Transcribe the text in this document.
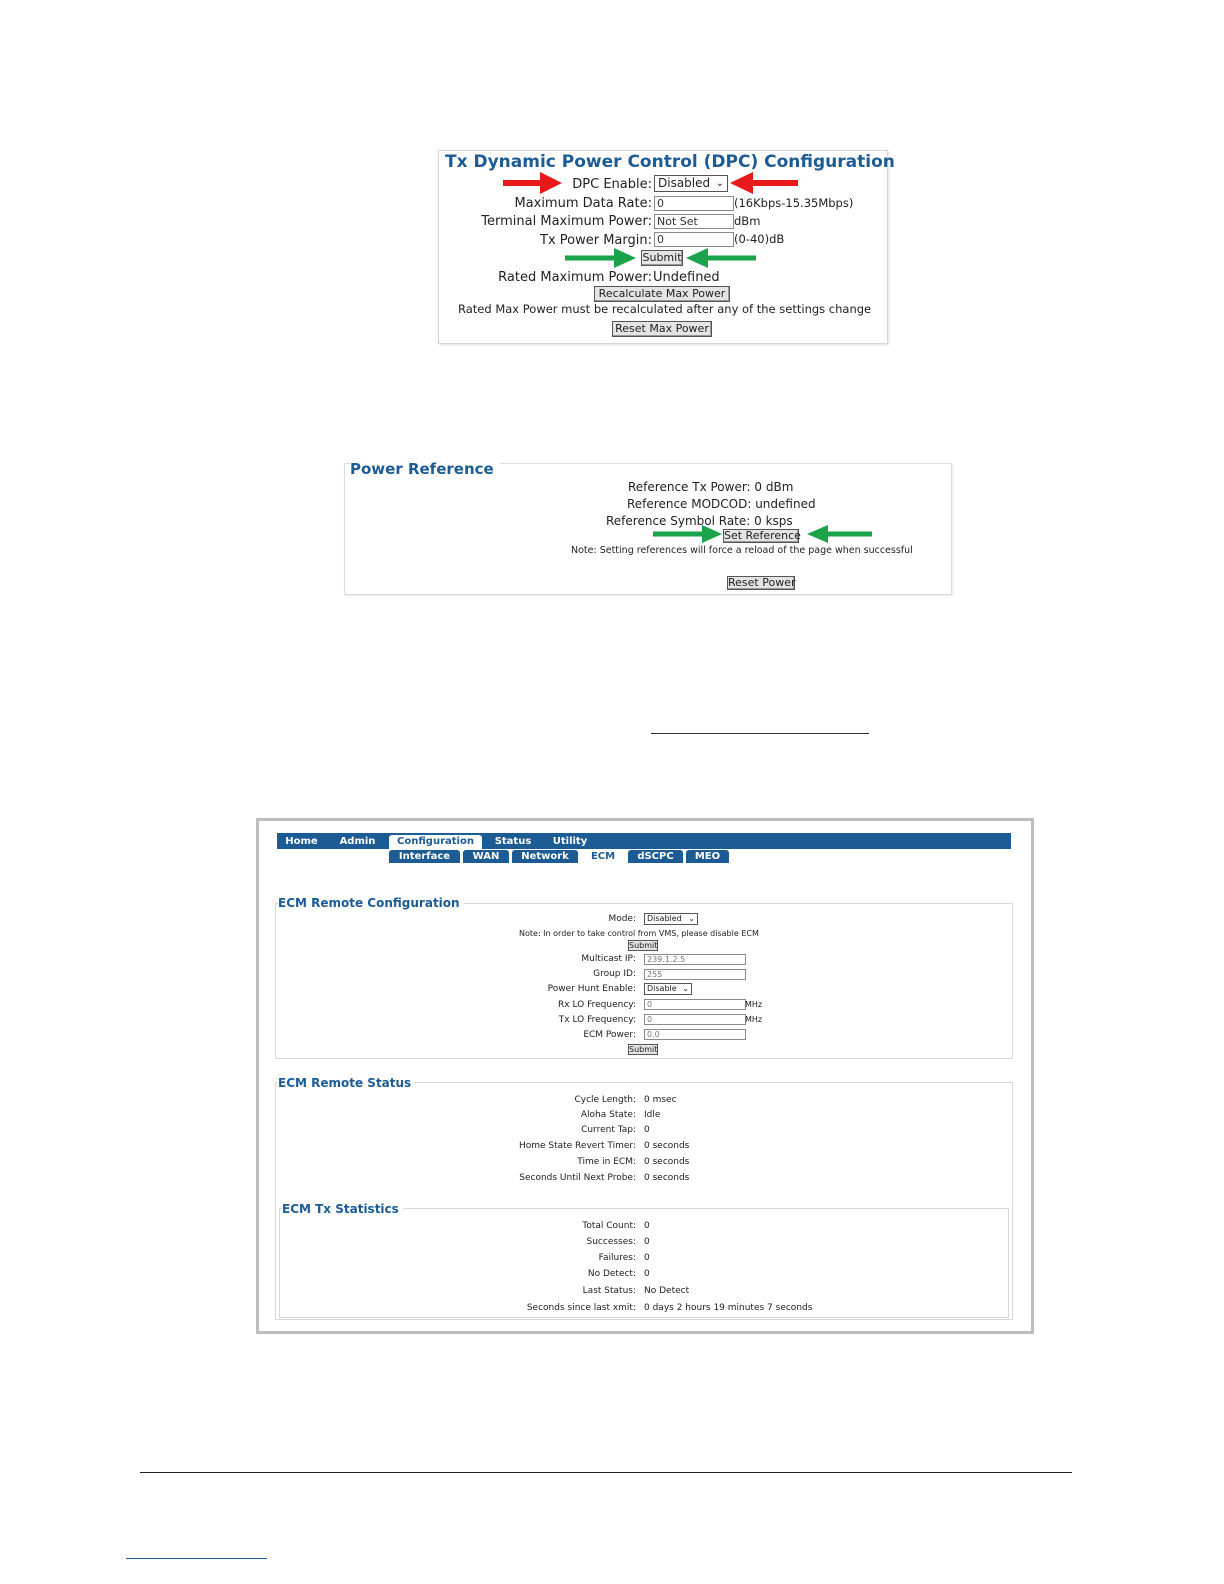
Tx Dynamic Power Control (DPC) Configuration
DPC Enable: Disabled ⌄
Maximum Data Rate: 0	(16Kbps-15.35Mbps)
Terminal Maximum Power: Not Set	dBm
Tx Power Margin: 0	(0-40)dB
Submit
Rated Maximum Power: Undefined
Recalculate Max Power
Rated Max Power must be recalculated after any of the settings change
Reset Max Power
Power Reference
Reference Tx Power: 0 dBm
Reference MODCOD: undefined
Reference Symbol Rate: 0 ksps
Set Reference
Note: Setting references will force a reload of the page when successful
Reset Power
Home	Admin	Configuration	Status	Utility
Interface	WAN	Network	ECM	dSCPC	MEO
ECM Remote Configuration
Mode:	Disabled ⌄
Note: In order to take control from VMS, please disable ECM
Submit
Multicast IP:	239.1.2.5
Group ID:	255
Power Hunt Enable:	Disable ⌄
Rx LO Frequency:	0	MHz
Tx LO Frequency:	0	MHz
ECM Power:	0.0
Submit
ECM Remote Status
Cycle Length: 0 msec
Aloha State: Idle
Current Tap: 0
Home State Revert Timer: 0 seconds
Time in ECM: 0 seconds
Seconds Until Next Probe: 0 seconds
ECM Tx Statistics
Total Count: 0
Successes: 0
Failures: 0
No Detect: 0
Last Status: No Detect
Seconds since last xmit: 0 days 2 hours 19 minutes 7 seconds
